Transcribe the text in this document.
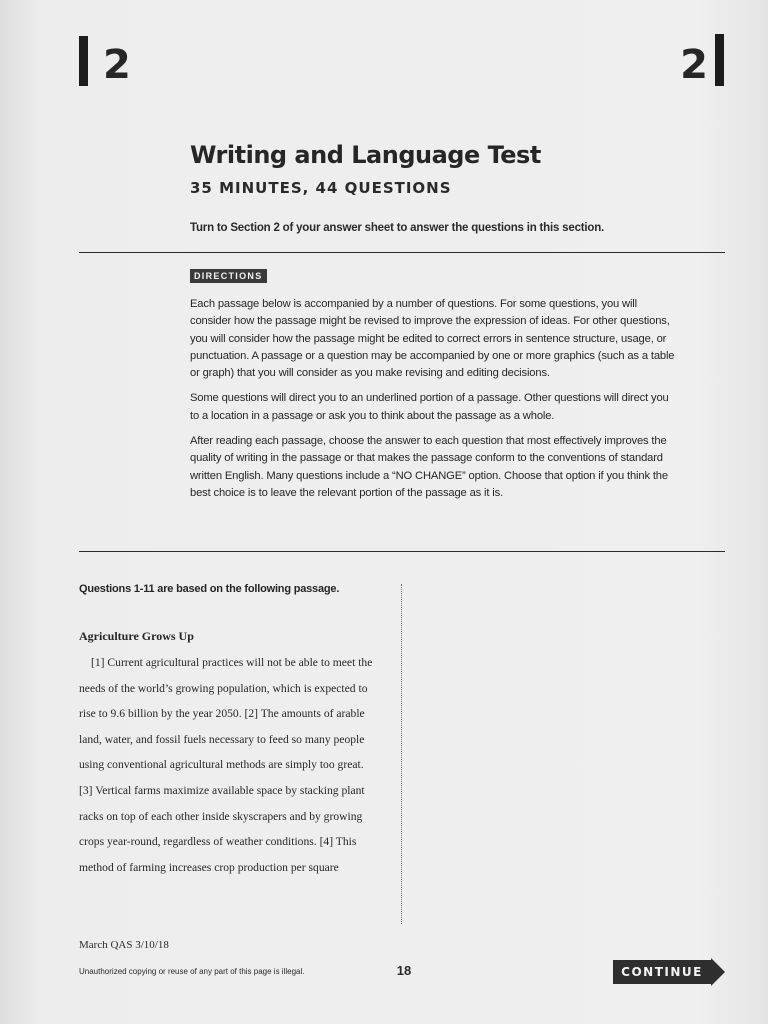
2	2
Writing and Language Test
35 MINUTES, 44 QUESTIONS
Turn to Section 2 of your answer sheet to answer the questions in this section.
DIRECTIONS

Each passage below is accompanied by a number of questions. For some questions, you will consider how the passage might be revised to improve the expression of ideas. For other questions, you will consider how the passage might be edited to correct errors in sentence structure, usage, or punctuation. A passage or a question may be accompanied by one or more graphics (such as a table or graph) that you will consider as you make revising and editing decisions.

Some questions will direct you to an underlined portion of a passage. Other questions will direct you to a location in a passage or ask you to think about the passage as a whole.

After reading each passage, choose the answer to each question that most effectively improves the quality of writing in the passage or that makes the passage conform to the conventions of standard written English. Many questions include a “NO CHANGE” option. Choose that option if you think the best choice is to leave the relevant portion of the passage as it is.

Questions 1-11 are based on the following passage.
Agriculture Grows Up

[1] Current agricultural practices will not be able to meet the needs of the world’s growing population, which is expected to rise to 9.6 billion by the year 2050. [2] The amounts of arable land, water, and fossil fuels necessary to feed so many people using conventional agricultural methods are simply too great. [3] Vertical farms maximize available space by stacking plant racks on top of each other inside skyscrapers and by growing crops year-round, regardless of weather conditions. [4] This method of farming increases crop production per square

March QAS 3/10/18
Unauthorized copying or reuse of any part of this page is illegal.	18	CONTINUE
